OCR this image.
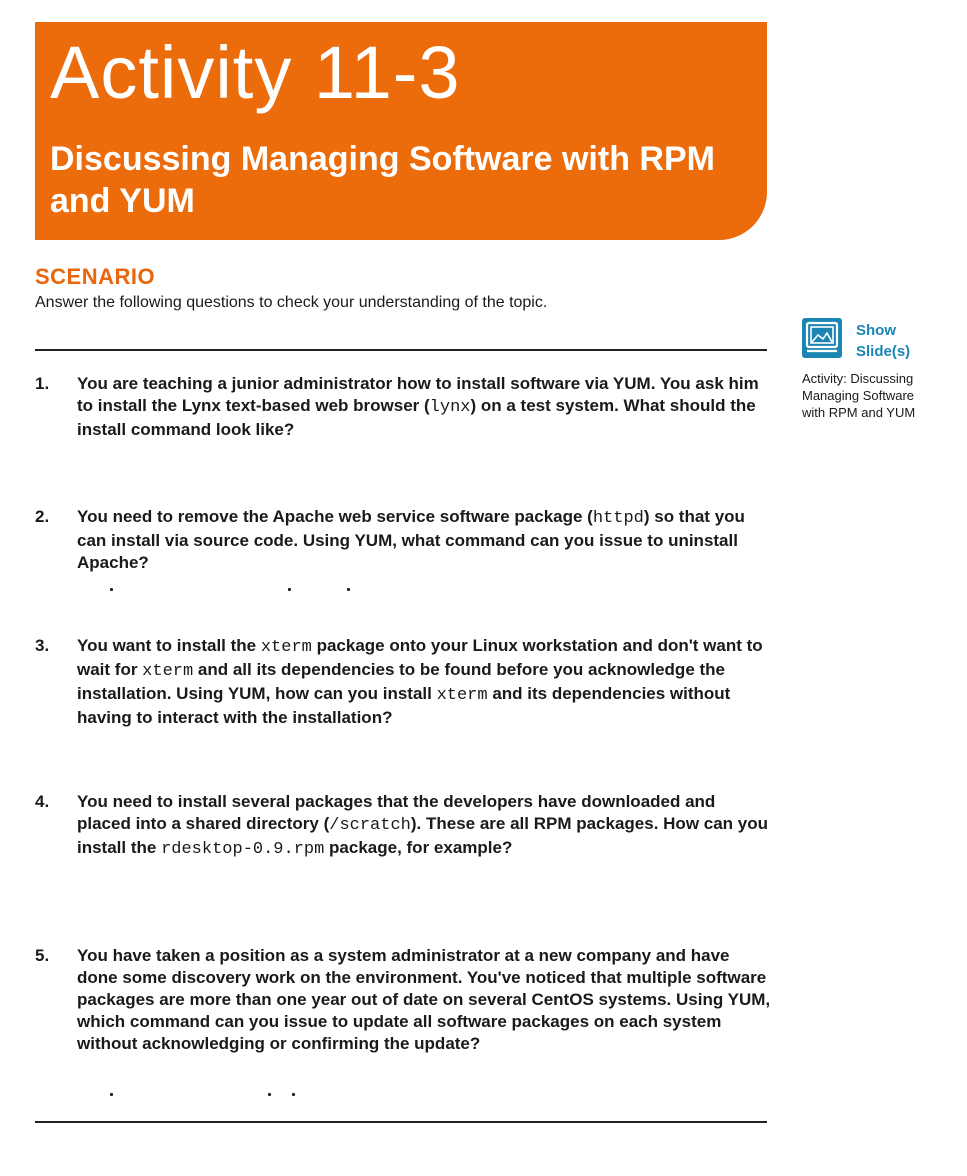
Activity 11-3
Discussing Managing Software with RPM and YUM
SCENARIO

Answer the following questions to check your understanding of the topic.

Show
Slide(s)

Activity: Discussing
Managing Software
with RPM and YUM

1.	You are teaching a junior administrator how to install software via YUM. You ask him to install the Lynx text-based web browser (lynx) on a test system. What should the install command look like?
2.	You need to remove the Apache web service software package (httpd) so that you can install via source code. Using YUM, what command can you issue to uninstall Apache?
3.	You want to install the xterm package onto your Linux workstation and don't want to wait for xterm and all its dependencies to be found before you acknowledge the installation. Using YUM, how can you install xterm and its dependencies without having to interact with the installation?
4.	You need to install several packages that the developers have downloaded and placed into a shared directory (/scratch). These are all RPM packages. How can you install the rdesktop-0.9.rpm package, for example?
5.	You have taken a position as a system administrator at a new company and have done some discovery work on the environment. You've noticed that multiple software packages are more than one year out of date on several CentOS systems. Using YUM, which command can you issue to update all software packages on each system without acknowledging or confirming the update?
